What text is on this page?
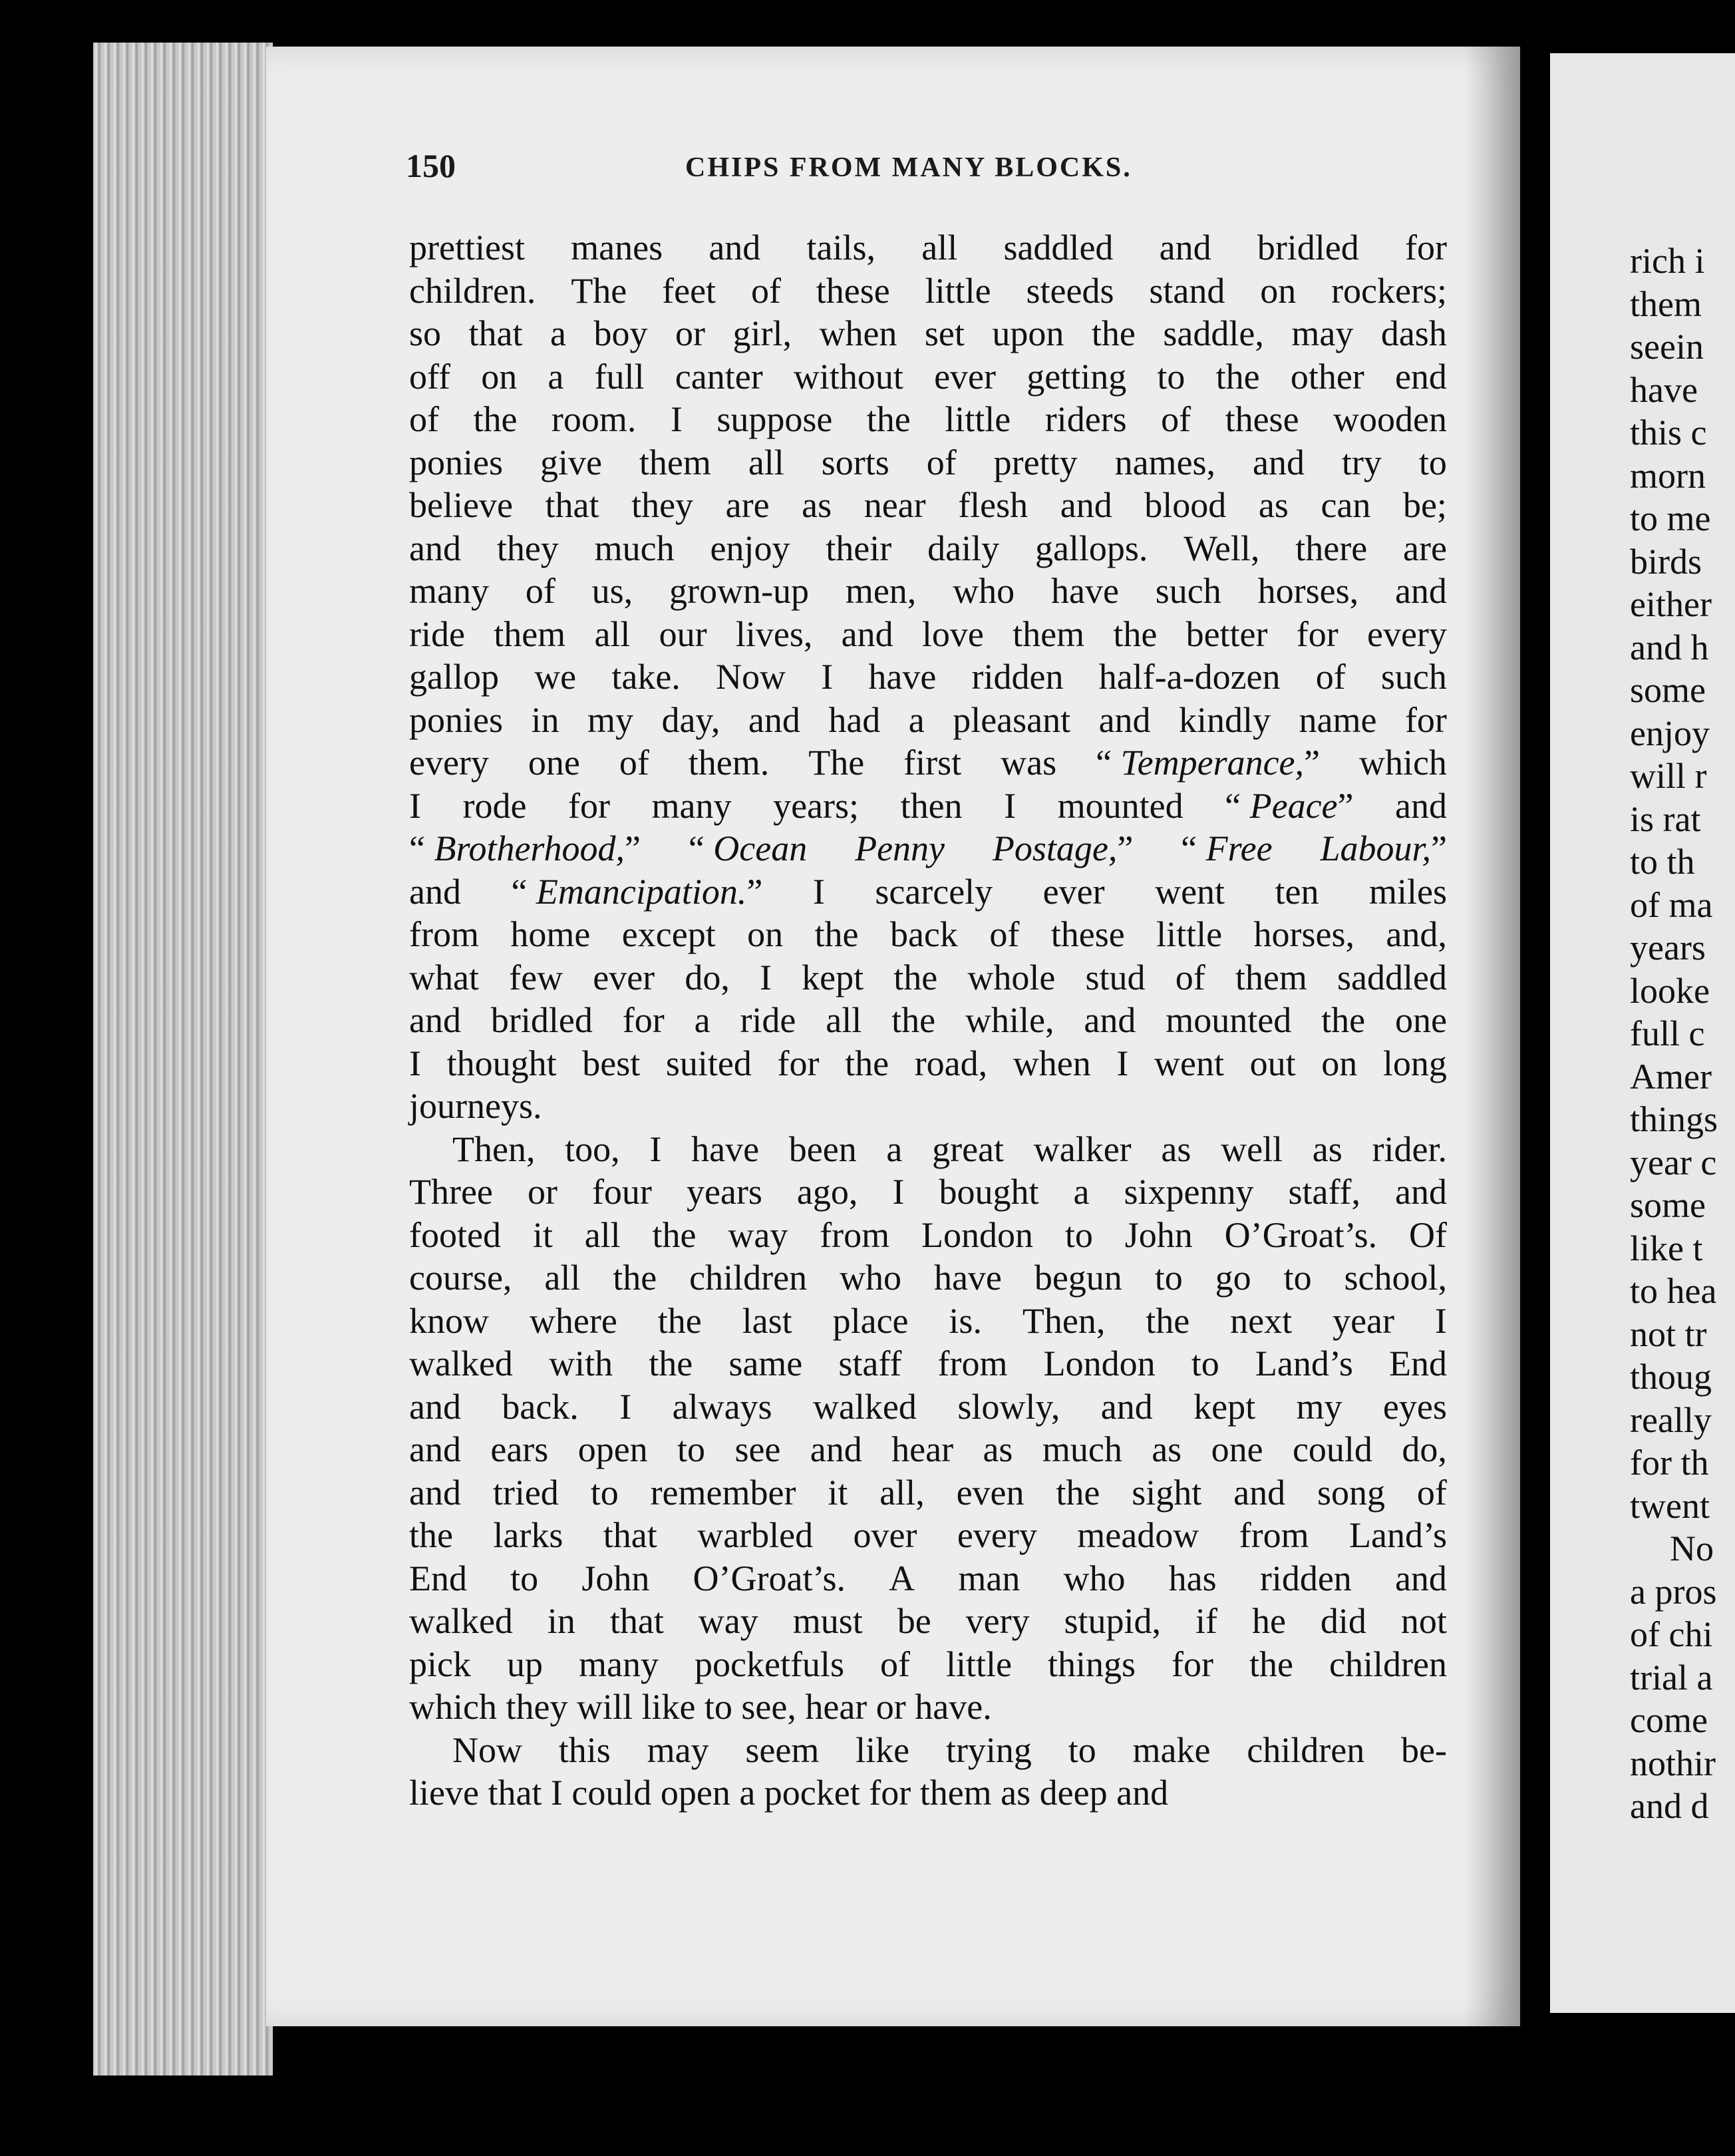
rich i
them
seein
have
this c
morn
to me
birds
either
and h
some
enjoy
will r
is rat
to th
of ma
years
looke
full c
Amer
things
year c
some
like t
to hea
not tr
thoug
really
for th
twent
No
a pros
of chi
trial a
come
nothir
and d
150	CHIPS FROM MANY BLOCKS.
prettiest manes and tails, all saddled and bridled for
children. The feet of these little steeds stand on rockers;
so that a boy or girl, when set upon the saddle, may dash
off on a full canter without ever getting to the other end
of the room. I suppose the little riders of these wooden
ponies give them all sorts of pretty names, and try to
believe that they are as near flesh and blood as can be;
and they much enjoy their daily gallops. Well, there are
many of us, grown-up men, who have such horses, and
ride them all our lives, and love them the better for every
gallop we take. Now I have ridden half-a-dozen of such
ponies in my day, and had a pleasant and kindly name for
every one of them. The first was “ Temperance,” which
I rode for many years; then I mounted “ Peace” and
“ Brotherhood,” “ Ocean Penny Postage,” “ Free Labour,”
and “ Emancipation.” I scarcely ever went ten miles
from home except on the back of these little horses, and,
what few ever do, I kept the whole stud of them saddled
and bridled for a ride all the while, and mounted the one
I thought best suited for the road, when I went out on long
journeys.
Then, too, I have been a great walker as well as rider.
Three or four years ago, I bought a sixpenny staff, and
footed it all the way from London to John O’Groat’s. Of
course, all the children who have begun to go to school,
know where the last place is. Then, the next year I
walked with the same staff from London to Land’s End
and back. I always walked slowly, and kept my eyes
and ears open to see and hear as much as one could do,
and tried to remember it all, even the sight and song of
the larks that warbled over every meadow from Land’s
End to John O’Groat’s. A man who has ridden and
walked in that way must be very stupid, if he did not
pick up many pocketfuls of little things for the children
which they will like to see, hear or have.
Now this may seem like trying to make children be-
lieve that I could open a pocket for them as deep and
